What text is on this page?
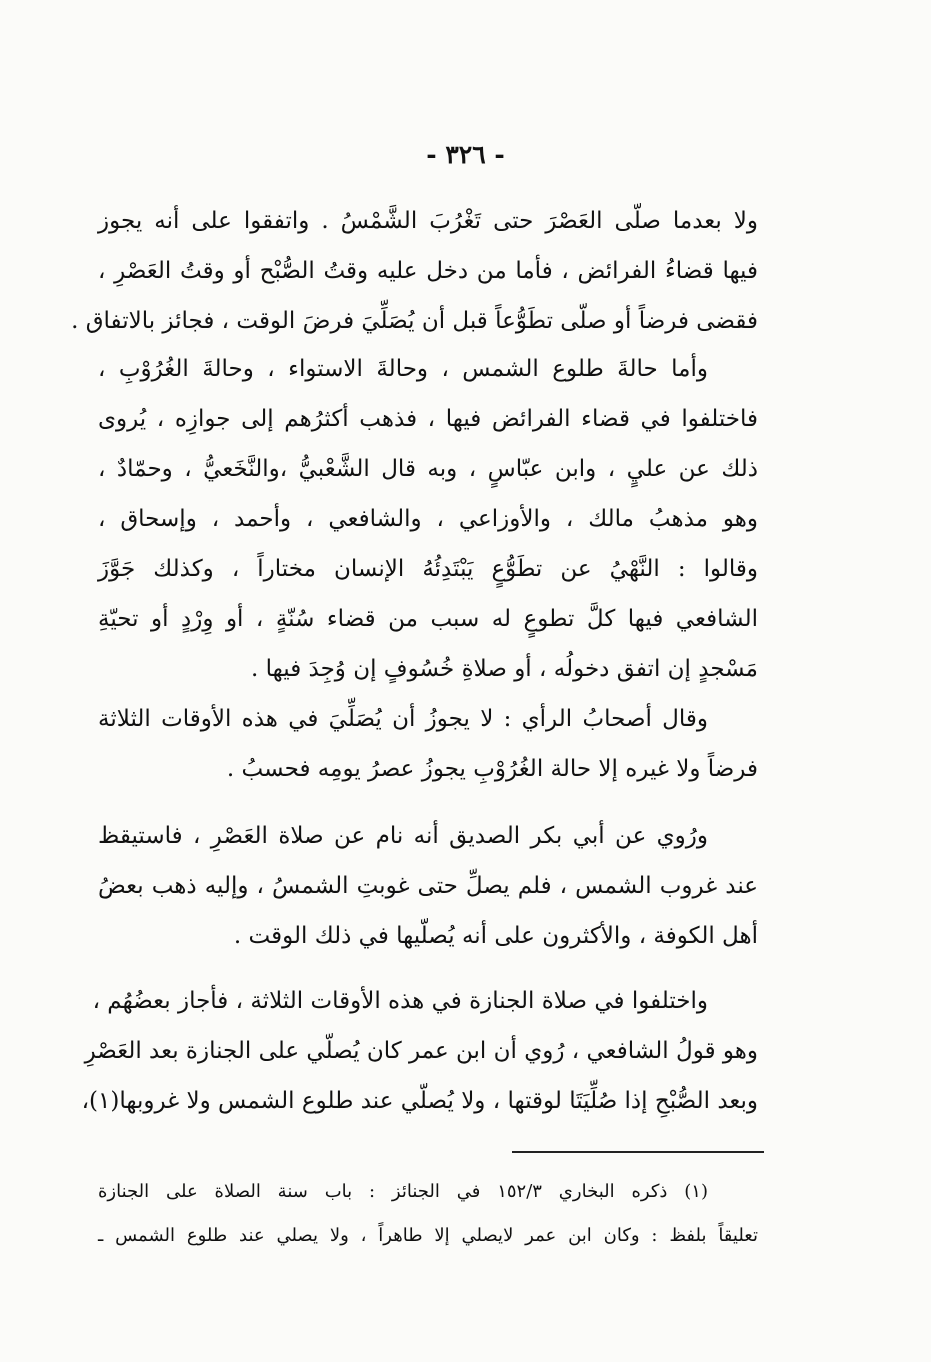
- ٣٢٦ -
ولا بعدما صلّى العَصْرَ حتى تَغْرُبَ الشَّمْسُ . واتفقوا على أنه يجوز
فيها قضاءُ الفرائض ، فأما من دخل عليه وقتُ الصُّبْح أو وقتُ العَصْرِ ،
فقضى فرضاً أو صلّى تطَوُّعاً قبل أن يُصَلِّيَ فرضَ الوقت ، فجائز بالاتفاق .
وأما حالةَ طلوع الشمس ، وحالةَ الاستواء ، وحالةَ الغُرُوْبِ ،
فاختلفوا في قضاء الفرائض فيها ، فذهب أكثرُهم إلى جوازِه ، يُروى
ذلك عن عليٍ ، وابن عبّاسٍ ، وبه قال الشَّعْبيُّ ،والنَّخَعيُّ ، وحمّادٌ ،
وهو مذهبُ مالك ، والأوزاعي ، والشافعي ، وأحمد ، وإسحاق ،
وقالوا : النَّهْيُ عن تطَوُّعٍ يَبْتَدِئُهُ الإنسان مختاراً ، وكذلك جَوَّزَ
الشافعي فيها كلَّ تطوعٍ له سبب من قضاء سُنّةٍ ، أو وِرْدٍ أو تحيّةِ
مَسْجدٍ إن اتفق دخولُه ، أو صلاةِ خُسُوفٍ إن وُجِدَ فيها .
وقال أصحابُ الرأي : لا يجوزُ أن يُصَلِّيَ في هذه الأوقات الثلاثة
فرضاً ولا غيره إلا حالة الغُرُوْبِ يجوزُ عصرُ يومِه فحسبُ .
ورُوي عن أبي بكر الصديق أنه نام عن صلاة العَصْرِ ، فاستيقظ
عند غروب الشمس ، فلم يصلِّ حتى غوبتِ الشمسُ ، وإليه ذهب بعضُ
أهل الكوفة ، والأكثرون على أنه يُصلّيها في ذلك الوقت .
واختلفوا في صلاة الجنازة في هذه الأوقات الثلاثة ، فأجاز بعضُهُم ،
وهو قولُ الشافعي ، رُوي أن ابن عمر كان يُصلّي على الجنازة بعد العَصْرِ
وبعد الصُّبْحِ إذا صُلِّيَتَا لوقتها ، ولا يُصلّي عند طلوع الشمس ولا غروبها(١)،
(١) ذكره البخاري ١٥٢/٣ في الجنائز : باب سنة الصلاة على الجنازة
تعليقاً بلفظ : وكان ابن عمر لايصلي إلا طاهراً ، ولا يصلي عند طلوع الشمس ـ
